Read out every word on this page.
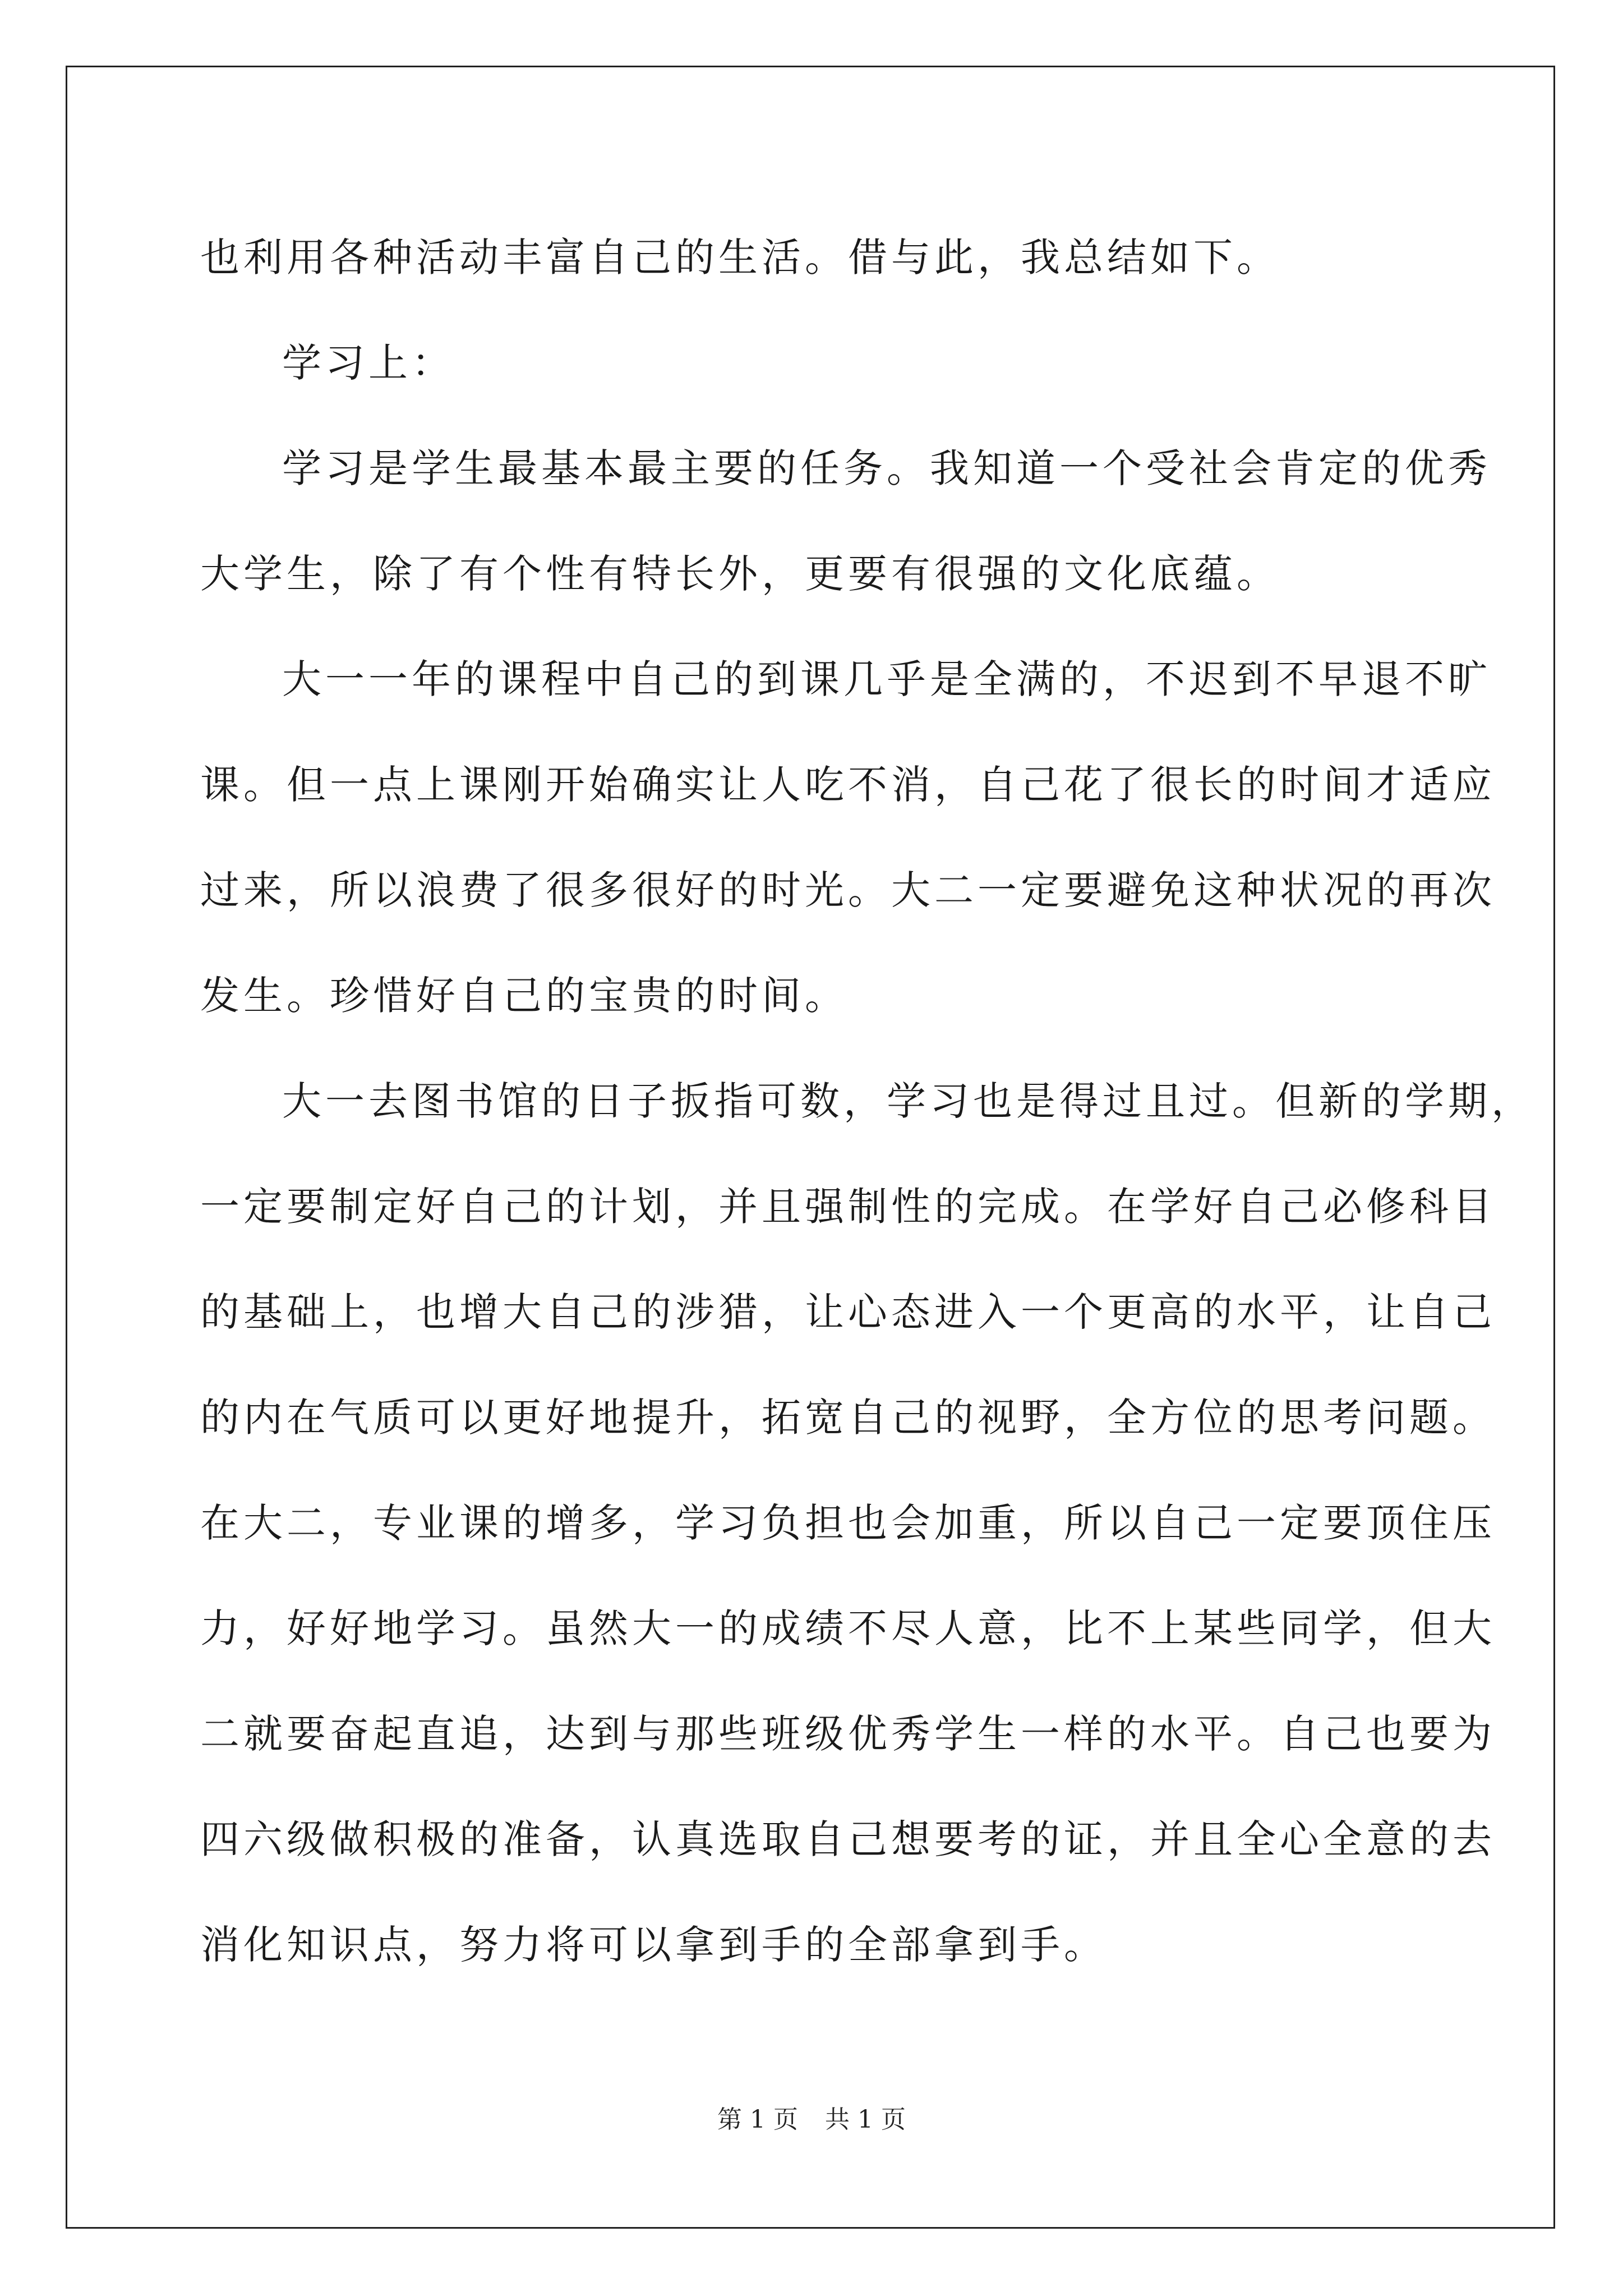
也利用各种活动丰富自己的生活。借与此，我总结如下。
学习上：
学习是学生最基本最主要的任务。我知道一个受社会肯定的优秀
大学生，除了有个性有特长外，更要有很强的文化底蕴。
大一一年的课程中自己的到课几乎是全满的，不迟到不早退不旷
课。但一点上课刚开始确实让人吃不消，自己花了很长的时间才适应
过来，所以浪费了很多很好的时光。大二一定要避免这种状况的再次
发生。珍惜好自己的宝贵的时间。
大一去图书馆的日子扳指可数，学习也是得过且过。但新的学期，
一定要制定好自己的计划，并且强制性的完成。在学好自己必修科目
的基础上，也增大自己的涉猎，让心态进入一个更高的水平，让自己
的内在气质可以更好地提升，拓宽自己的视野，全方位的思考问题。
在大二，专业课的增多，学习负担也会加重，所以自己一定要顶住压
力，好好地学习。虽然大一的成绩不尽人意，比不上某些同学，但大
二就要奋起直追，达到与那些班级优秀学生一样的水平。自己也要为
四六级做积极的准备，认真选取自己想要考的证，并且全心全意的去
消化知识点，努力将可以拿到手的全部拿到手。
第 1 页 共 1 页
